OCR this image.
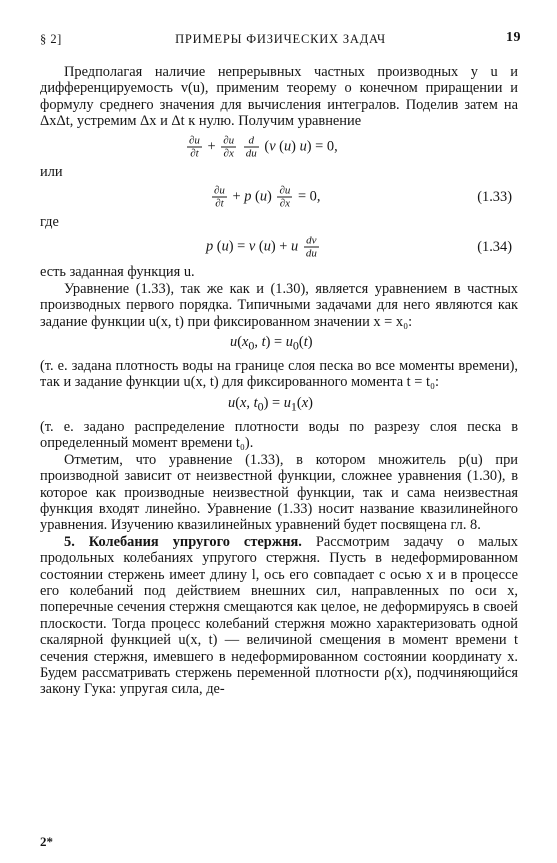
§ 2]	ПРИМЕРЫ ФИЗИЧЕСКИХ ЗАДАЧ	19

Предполагая наличие непрерывных частных производных у u и дифференцируемость v(u), применим теорему о конечном приращении и формулу среднего значения для вычисления интегралов. Поделив затем на ΔxΔt, устремим Δx и Δt к нулю. Получим уравнение

$\frac{\partial u}{\partial t} + \frac{\partial u}{\partial x}$
$\frac{d}{du} (v$ (u) u) = 0,

или

$\frac{\partial u}{\partial t} + p$ $(u) \frac{\partial u}{\partial x} = 0$,	(1.33)

где

p (u) = v (u) + u $\frac{dv}{du}$	(1.34)

есть заданная функция u.

Уравнение (1.33), так же как и (1.30), является уравнением в частных производных первого порядка. Типичными задачами для него являются как задание функции u(x, t) при фиксированном значении x = x₀:

$u(x_0$, $t) = u_0(t)$

(т. е. задана плотность воды на границе слоя песка во все моменты времени), так и задание функции u(x, t) для фиксированного момента t = t₀:

u(x, $t_0) = u_1(x)$

(т. е. задано распределение плотности воды по разрезу слоя песка в определенный момент времени t₀).

Отметим, что уравнение (1.33), в котором множитель p(u) при производной зависит от неизвестной функции, сложнее уравнения (1.30), в которое как производные неизвестной функции, так и сама неизвестная функция входят линейно. Уравнение (1.33) носит название квазилинейного уравнения. Изучению квазилинейных уравнений будет посвящена гл. 8.

5. Колебания упругого стержня. Рассмотрим задачу о малых продольных колебаниях упругого стержня. Пусть в недеформированном состоянии стержень имеет длину l, ось его совпадает с осью x и в процессе его колебаний под действием внешних сил, направленных по оси x, поперечные сечения стержня смещаются как целое, не деформируясь в своей плоскости. Тогда процесс колебаний стержня можно характеризовать одной скалярной функцией u(x, t) — величиной смещения в момент времени t сечения стержня, имевшего в недеформированном состоянии координату x. Будем рассматривать стержень переменной плотности ρ(x), подчиняющийся закону Гука: упругая сила, де-

2*
